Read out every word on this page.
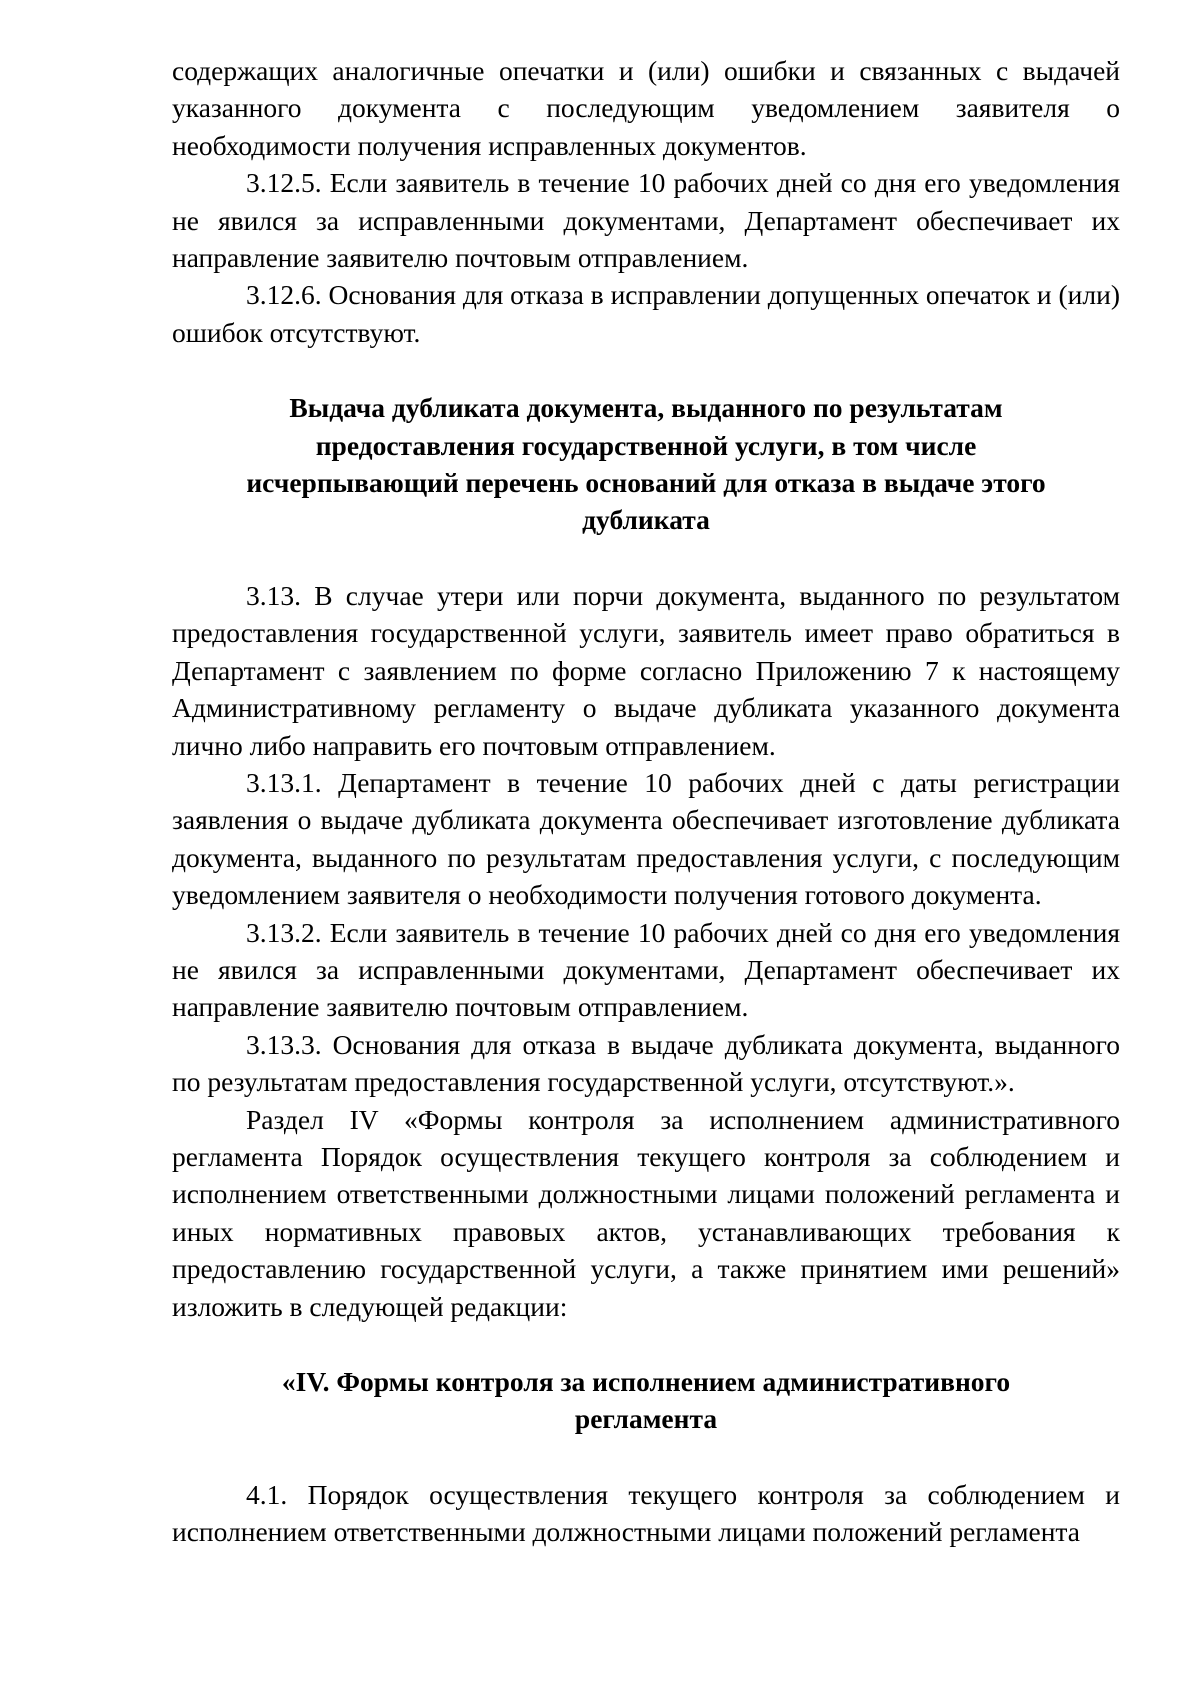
содержащих аналогичные опечатки и (или) ошибки и связанных с выдачей указанного документа с последующим уведомлением заявителя о необходимости получения исправленных документов.

3.12.5. Если заявитель в течение 10 рабочих дней со дня его уведомления не явился за исправленными документами, Департамент обеспечивает их направление заявителю почтовым отправлением.

3.12.6. Основания для отказа в исправлении допущенных опечаток и (или) ошибок отсутствуют.

Выдача дубликата документа, выданного по результатам
предоставления государственной услуги, в том числе
исчерпывающий перечень оснований для отказа в выдаче этого
дубликата

3.13. В случае утери или порчи документа, выданного по результатом предоставления государственной услуги, заявитель имеет право обратиться в Департамент с заявлением по форме согласно Приложению 7 к настоящему Административному регламенту о выдаче дубликата указанного документа лично либо направить его почтовым отправлением.

3.13.1. Департамент в течение 10 рабочих дней с даты регистрации заявления о выдаче дубликата документа обеспечивает изготовление дубликата документа, выданного по результатам предоставления услуги, с последующим уведомлением заявителя о необходимости получения готового документа.

3.13.2. Если заявитель в течение 10 рабочих дней со дня его уведомления не явился за исправленными документами, Департамент обеспечивает их направление заявителю почтовым отправлением.

3.13.3. Основания для отказа в выдаче дубликата документа, выданного по результатам предоставления государственной услуги, отсутствуют.».

Раздел IV «Формы контроля за исполнением административного регламента Порядок осуществления текущего контроля за соблюдением и исполнением ответственными должностными лицами положений регламента и иных нормативных правовых актов, устанавливающих требования к предоставлению государственной услуги, а также принятием ими решений» изложить в следующей редакции:

«IV. Формы контроля за исполнением административного
регламента

4.1. Порядок осуществления текущего контроля за соблюдением и исполнением ответственными должностными лицами положений регламента
